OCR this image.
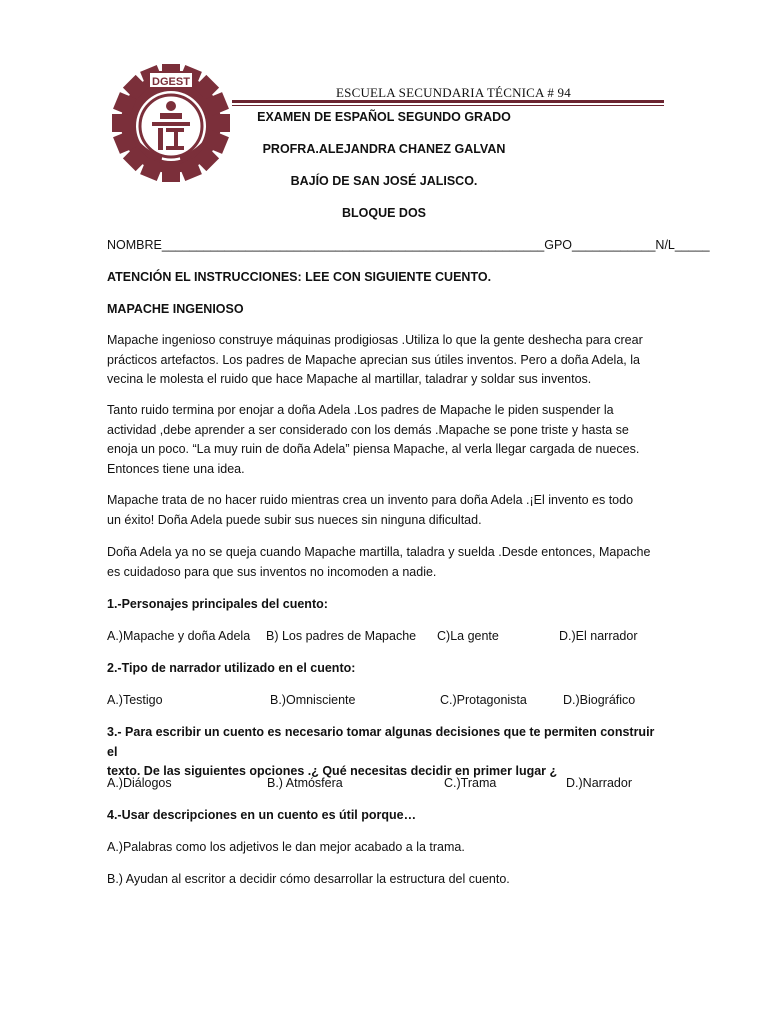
DGEST
ESCUELA SECUNDARIA TÉCNICA # 94
EXAMEN DE ESPAÑOL SEGUNDO GRADO
PROFRA.ALEJANDRA CHANEZ GALVAN
BAJÍO DE SAN JOSÉ JALISCO.
BLOQUE DOS
NOMBRE_______________________________________________________GPO____________N/L_____
ATENCIÓN EL INSTRUCCIONES: LEE CON SIGUIENTE CUENTO.
MAPACHE INGENIOSO
Mapache ingenioso construye máquinas prodigiosas .Utiliza lo que la gente deshecha para crear
prácticos artefactos. Los padres de Mapache aprecian sus útiles inventos. Pero a doña Adela, la
vecina le molesta el ruido que hace Mapache al martillar, taladrar y soldar sus inventos.
Tanto ruido termina por enojar a doña Adela .Los padres de Mapache le piden suspender la
actividad ,debe aprender a ser considerado con los demás .Mapache se pone triste y hasta se
enoja un poco. “La muy ruin de doña Adela” piensa Mapache, al verla llegar cargada de nueces.
Entonces tiene una idea.
Mapache trata de no hacer ruido mientras crea un invento para doña Adela .¡El invento es todo
un éxito! Doña Adela puede subir sus nueces sin ninguna dificultad.
Doña Adela ya no se queja cuando Mapache martilla, taladra y suelda .Desde entonces, Mapache
es cuidadoso para que sus inventos no incomoden a nadie.
1.-Personajes principales del cuento:
A.)Mapache y doña Adela B) Los padres de Mapache C)La gente	D.)El narrador
2.-Tipo de narrador utilizado en el cuento:
A.)Testigo	B.)Omnisciente	C.)Protagonista	D.)Biográfico
3.- Para escribir un cuento es necesario tomar algunas decisiones que te permiten construir el
texto. De las siguientes opciones .¿ Qué necesitas decidir en primer lugar ¿
A.)Diálogos	B.) Atmósfera	C.)Trama	D.)Narrador
4.-Usar descripciones en un cuento es útil porque…
A.)Palabras como los adjetivos le dan mejor acabado a la trama.
B.) Ayudan al escritor a decidir cómo desarrollar la estructura del cuento.
